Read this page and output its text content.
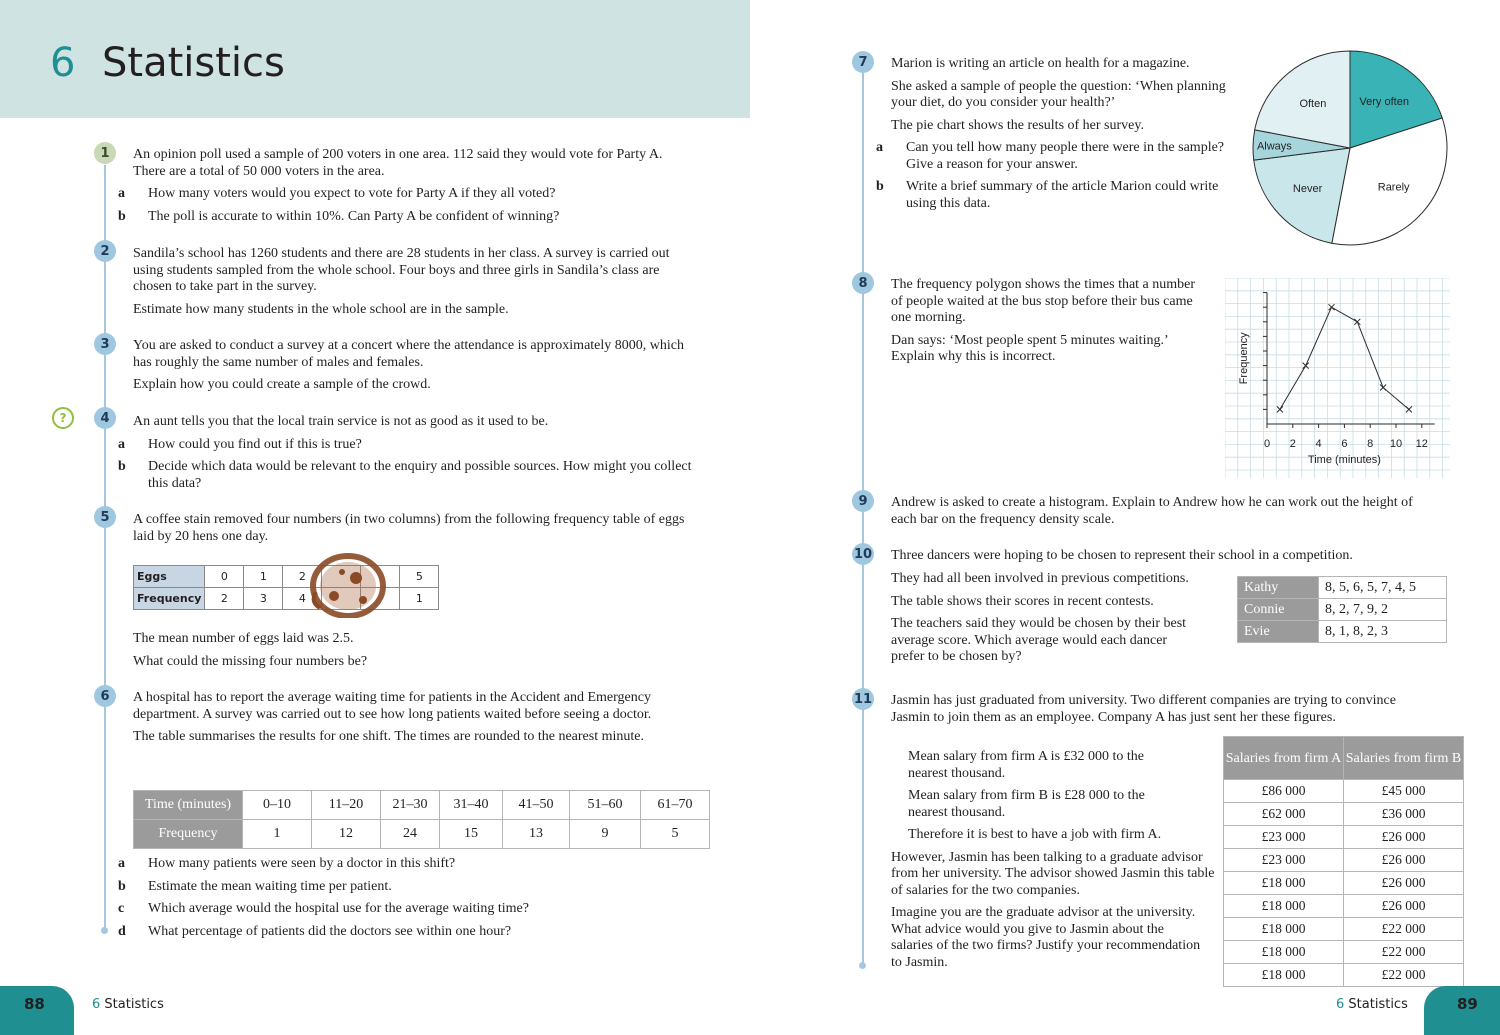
6 Statistics
1	An opinion poll used a sample of 200 voters in one area. 112 said they would vote for Party A. There are a total of 50 000 voters in the area.
a How many voters would you expect to vote for Party A if they all voted?
b The poll is accurate to within 10%. Can Party A be confident of winning?
2	Sandila’s school has 1260 students and there are 28 students in her class. A survey is carried out using students sampled from the whole school. Four boys and three girls in Sandila’s class are chosen to take part in the survey.
Estimate how many students in the whole school are in the sample.
3	You are asked to conduct a survey at a concert where the attendance is approximately 8000, which has roughly the same number of males and females.
Explain how you could create a sample of the crowd.
?	4	An aunt tells you that the local train service is not as good as it used to be.
a How could you find out if this is true?
b Decide which data would be relevant to the enquiry and possible sources. How might you collect this data?
5	A coffee stain removed four numbers (in two columns) from the following frequency table of eggs laid by 20 hens one day.
Eggs	0	1	2			5
Frequency	2	3	4			1
The mean number of eggs laid was 2.5.
What could the missing four numbers be?
6	A hospital has to report the average waiting time for patients in the Accident and Emergency department. A survey was carried out to see how long patients waited before seeing a doctor.
The table summarises the results for one shift. The times are rounded to the nearest minute.
Time (minutes)	0–10	11–20	21–30	31–40	41–50	51–60	61–70
Frequency	1	12	24	15	13	9	5
a How many patients were seen by a doctor in this shift?
b Estimate the mean waiting time per patient.
c Which average would the hospital use for the average waiting time?
d What percentage of patients did the doctors see within one hour?
7	Marion is writing an article on health for a magazine.
She asked a sample of people the question: ‘When planning your diet, do you consider your health?’
The pie chart shows the results of her survey.
a Can you tell how many people there were in the sample? Give a reason for your answer.
b Write a brief summary of the article Marion could write using this data.
Very often
Rarely
Never
Always
Often
8	The frequency polygon shows the times that a number of people waited at the bus stop before their bus came one morning.
Dan says: ‘Most people spent 5 minutes waiting.’ Explain why this is incorrect.
0 2 4 6 8 10 12
Time (minutes)
Frequency
9	Andrew is asked to create a histogram. Explain to Andrew how he can work out the height of each bar on the frequency density scale.
10 Three dancers were hoping to be chosen to represent their school in a competition.
They had all been involved in previous competitions.
The table shows their scores in recent contests.
The teachers said they would be chosen by their best average score. Which average would each dancer prefer to be chosen by?
Kathy	8, 5, 6, 5, 7, 4, 5
Connie	8, 2, 7, 9, 2
Evie	8, 1, 8, 2, 3
11 Jasmin has just graduated from university. Two different companies are trying to convince Jasmin to join them as an employee. Company A has just sent her these figures.
Mean salary from firm A is £32 000 to the nearest thousand.
Mean salary from firm B is £28 000 to the nearest thousand.
Therefore it is best to have a job with firm A.
However, Jasmin has been talking to a graduate advisor from her university. The advisor showed Jasmin this table of salaries for the two companies.
Imagine you are the graduate advisor at the university. What advice would you give to Jasmin about the salaries of the two firms? Justify your recommendation to Jasmin.
Salaries from firm A	Salaries from firm B
£86 000	£45 000
£62 000	£36 000
£23 000	£26 000
£23 000	£26 000
£18 000	£26 000
£18 000	£26 000
£18 000	£22 000
£18 000	£22 000
£18 000	£22 000
88	6 Statistics	89
6 Statistics
